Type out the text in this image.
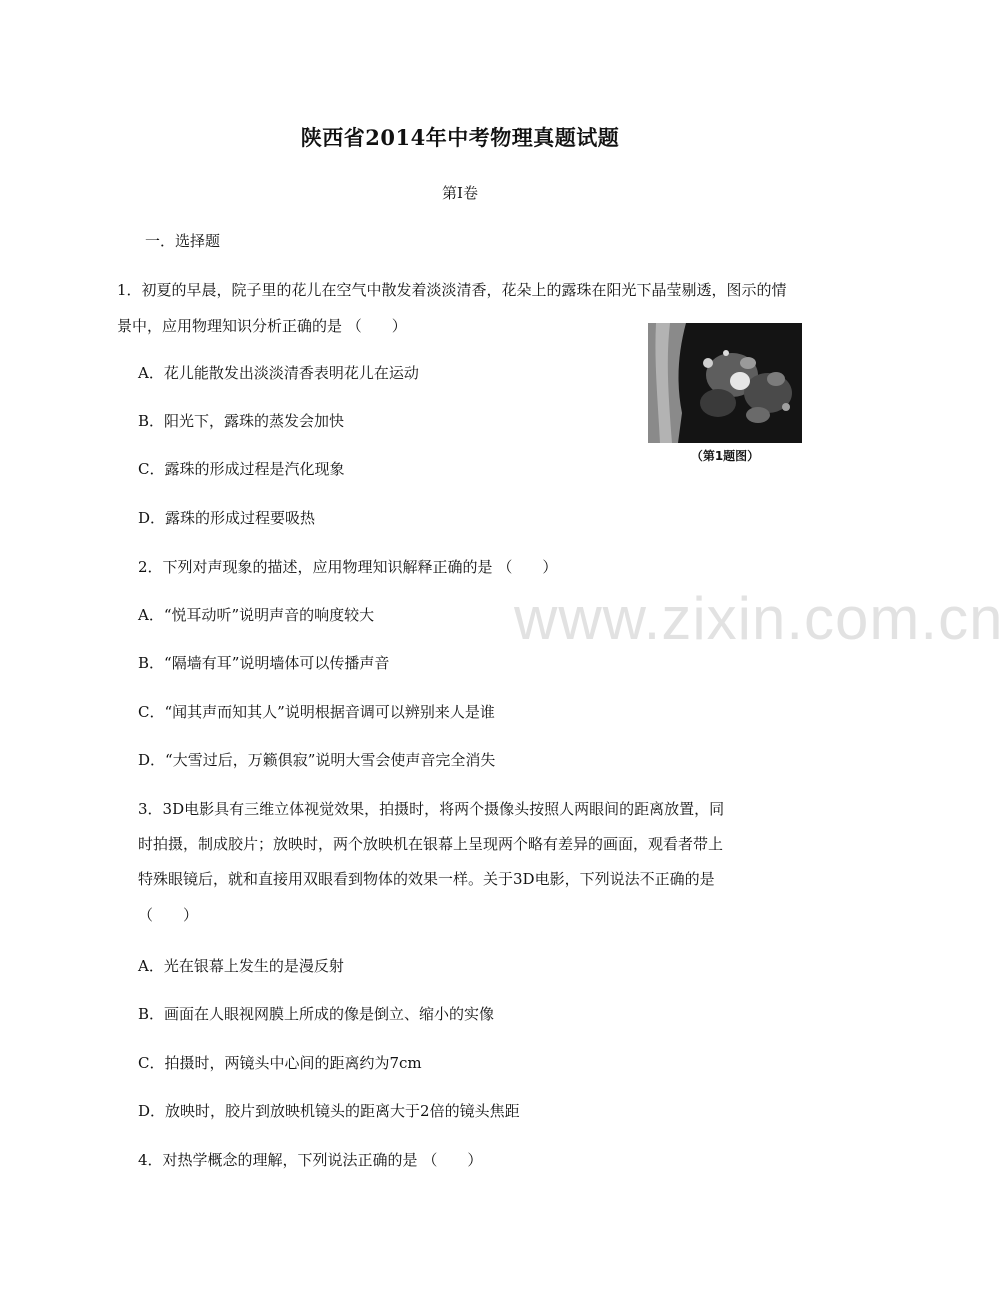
陕西省2014年中考物理真题试题
第Ⅰ卷
一．选择题
1．初夏的早晨，院子里的花儿在空气中散发着淡淡清香，花朵上的露珠在阳光下晶莹剔透，图示的情
景中，应用物理知识分析正确的是 （　　）
A．花儿能散发出淡淡清香表明花儿在运动
B．阳光下，露珠的蒸发会加快
C．露珠的形成过程是汽化现象
D．露珠的形成过程要吸热
（第1题图）
2．下列对声现象的描述，应用物理知识解释正确的是 （　　）
A．“悦耳动听”说明声音的响度较大
B．“隔墙有耳”说明墙体可以传播声音
C．“闻其声而知其人”说明根据音调可以辨别来人是谁
D．“大雪过后，万籁俱寂”说明大雪会使声音完全消失
3．3D电影具有三维立体视觉效果，拍摄时，将两个摄像头按照人两眼间的距离放置，同
时拍摄，制成胶片；放映时，两个放映机在银幕上呈现两个略有差异的画面，观看者带上
特殊眼镜后，就和直接用双眼看到物体的效果一样。关于3D电影，下列说法不正确的是
（　　）
A．光在银幕上发生的是漫反射
B．画面在人眼视网膜上所成的像是倒立、缩小的实像
C．拍摄时，两镜头中心间的距离约为7cm
D．放映时，胶片到放映机镜头的距离大于2倍的镜头焦距
4．对热学概念的理解，下列说法正确的是 （　　）
www.zixin.com.cn
